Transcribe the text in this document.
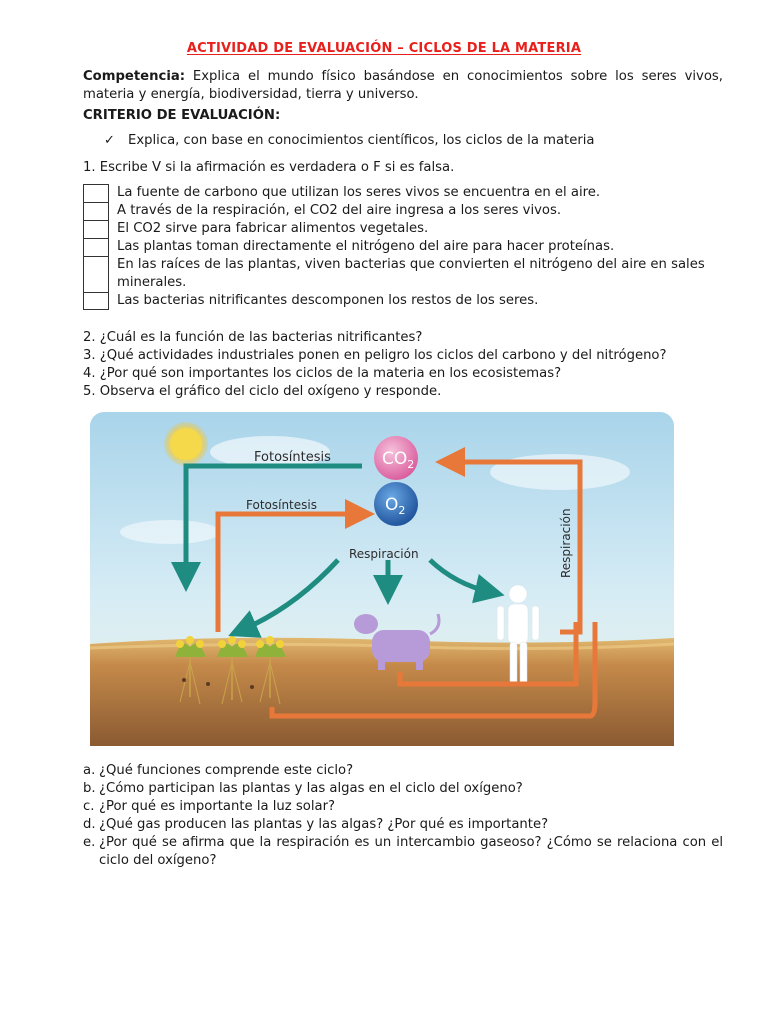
ACTIVIDAD DE EVALUACIÓN – CICLOS DE LA MATERIA
Competencia: Explica el mundo físico basándose en conocimientos sobre los seres vivos, materia y energía, biodiversidad, tierra y universo.
CRITERIO DE EVALUACIÓN:
✓ Explica, con base en conocimientos científicos, los ciclos de la materia
1. Escribe V si la afirmación es verdadera o F si es falsa.
La fuente de carbono que utilizan los seres vivos se encuentra en el aire.
A través de la respiración, el CO2 del aire ingresa a los seres vivos.
El CO2 sirve para fabricar alimentos vegetales.
Las plantas toman directamente el nitrógeno del aire para hacer proteínas.
En las raíces de las plantas, viven bacterias que convierten el nitrógeno del aire en sales minerales.
Las bacterias nitrificantes descomponen los restos de los seres.
2. ¿Cuál es la función de las bacterias nitrificantes?
3. ¿Qué actividades industriales ponen en peligro los ciclos del carbono y del nitrógeno?
4. ¿Por qué son importantes los ciclos de la materia en los ecosistemas?
5. Observa el gráfico del ciclo del oxígeno y responde.
$CO_2$
$O_2$
Fotosíntesis
Fotosíntesis
Respiración	Respiración
a. ¿Qué funciones comprende este ciclo?
b. ¿Cómo participan las plantas y las algas en el ciclo del oxígeno?
c. ¿Por qué es importante la luz solar?
d. ¿Qué gas producen las plantas y las algas? ¿Por qué es importante?
e. ¿Por qué se afirma que la respiración es un intercambio gaseoso? ¿Cómo se relaciona con el ciclo del oxígeno?
